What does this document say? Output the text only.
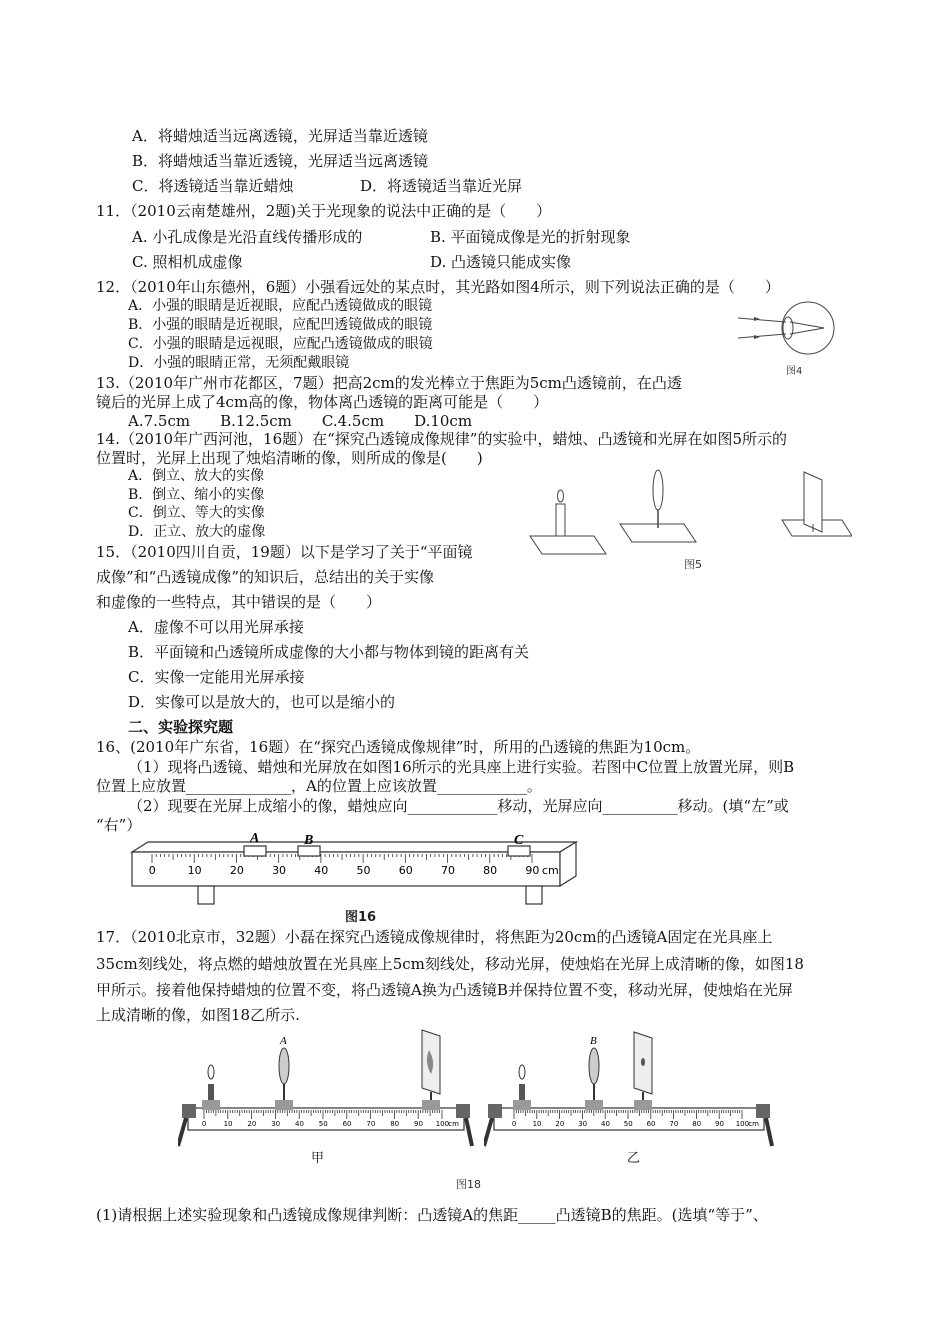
A．将蜡烛适当远离透镜，光屏适当靠近透镜
B．将蜡烛适当靠近透镜，光屏适当远离透镜
C．将透镜适当靠近蜡烛	D．将透镜适当靠近光屏
11．（2010云南楚雄州，2题)关于光现象的说法中正确的是（　　）
A. 小孔成像是光沿直线传播形成的	B. 平面镜成像是光的折射现象
C. 照相机成虚像	D. 凸透镜只能成实像
12．（2010年山东德州，6题）小强看远处的某点时，其光路如图4所示，则下列说法正确的是（　　）
A．小强的眼睛是近视眼，应配凸透镜做成的眼镜
B．小强的眼睛是近视眼，应配凹透镜做成的眼镜
C．小强的眼睛是远视眼，应配凸透镜做成的眼镜
D．小强的眼睛正常，无须配戴眼镜
图4
13.（2010年广州市花都区，7题）把高2cm的发光棒立于焦距为5cm凸透镜前，在凸透
镜后的光屏上成了4cm高的像，物体离凸透镜的距离可能是（　　）
A.7.5cm　　B.12.5cm　　C.4.5cm　　D.10cm
14.（2010年广西河池，16题）在“探究凸透镜成像规律”的实验中，蜡烛、凸透镜和光屏在如图5所示的
位置时，光屏上出现了烛焰清晰的像，则所成的像是(　　)
A．倒立、放大的实像
B．倒立、缩小的实像
C．倒立、等大的实像
D．正立、放大的虚像
图5
15．（2010四川自贡，19题）以下是学习了关于“平面镜
成像”和“凸透镜成像”的知识后，总结出的关于实像
和虚像的一些特点，其中错误的是（　　）
A．虚像不可以用光屏承接
B．平面镜和凸透镜所成虚像的大小都与物体到镜的距离有关
C．实像一定能用光屏承接
D．实像可以是放大的，也可以是缩小的
二、实验探究题
16、(2010年广东省，16题）在“探究凸透镜成像规律”时，所用的凸透镜的焦距为10cm。
（1）现将凸透镜、蜡烛和光屏放在如图16所示的光具座上进行实验。若图中C位置上放置光屏，则B
位置上应放置______________，A的位置上应该放置____________。
（2）现要在光屏上成缩小的像，蜡烛应向____________移动，光屏应向__________移动。(填“左”或
“右”）
0	10	20	30	40	50	60	70	80	90 cm
A	B	C
图16
17．（2010北京市，32题）小磊在探究凸透镜成像规律时，将焦距为20cm的凸透镜A固定在光具座上
35cm刻线处，将点燃的蜡烛放置在光具座上5cm刻线处，移动光屏，使烛焰在光屏上成清晰的像，如图18
甲所示。接着他保持蜡烛的位置不变，将凸透镜A换为凸透镜B并保持位置不变，移动光屏，使烛焰在光屏
上成清晰的像，如图18乙所示.
0 10 20 30 40 50 60 70 80 90 100 cm
A
0 10 20 30 40 50 60 70 80 90 100 cm
B
甲	乙
图18
(1)请根据上述实验现象和凸透镜成像规律判断：凸透镜A的焦距_____凸透镜B的焦距。(选填“等于”、
